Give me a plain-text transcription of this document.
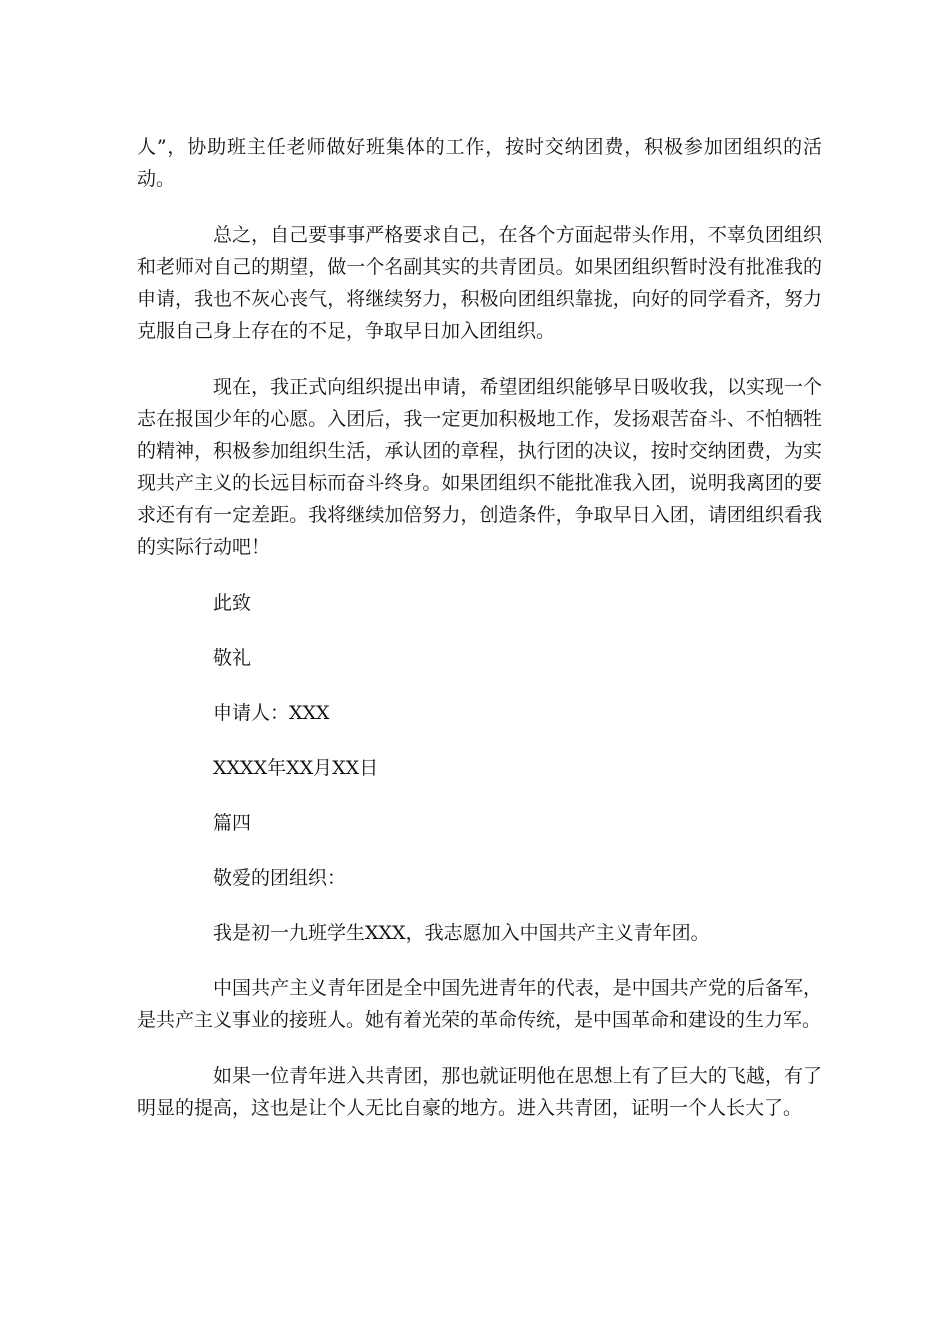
人”，协助班主任老师做好班集体的工作，按时交纳团费，积极参加团组织的活动。

总之，自己要事事严格要求自己，在各个方面起带头作用，不辜负团组织和老师对自己的期望，做一个名副其实的共青团员。如果团组织暂时没有批准我的申请，我也不灰心丧气，将继续努力，积极向团组织靠拢，向好的同学看齐，努力克服自己身上存在的不足，争取早日加入团组织。

现在，我正式向组织提出申请，希望团组织能够早日吸收我，以实现一个志在报国少年的心愿。入团后，我一定更加积极地工作，发扬艰苦奋斗、不怕牺牲的精神，积极参加组织生活，承认团的章程，执行团的决议，按时交纳团费，为实现共产主义的长远目标而奋斗终身。如果团组织不能批准我入团，说明我离团的要求还有有一定差距。我将继续加倍努力，创造条件，争取早日入团，请团组织看我的实际行动吧！

此致
敬礼
申请人：XXX
XXXX年XX月XX日
篇四
敬爱的团组织：
我是初一九班学生XXX，我志愿加入中国共产主义青年团。

中国共产主义青年团是全中国先进青年的代表，是中国共产党的后备军，是共产主义事业的接班人。她有着光荣的革命传统，是中国革命和建设的生力军。

如果一位青年进入共青团，那也就证明他在思想上有了巨大的飞越，有了明显的提高，这也是让个人无比自豪的地方。进入共青团，证明一个人长大了。
